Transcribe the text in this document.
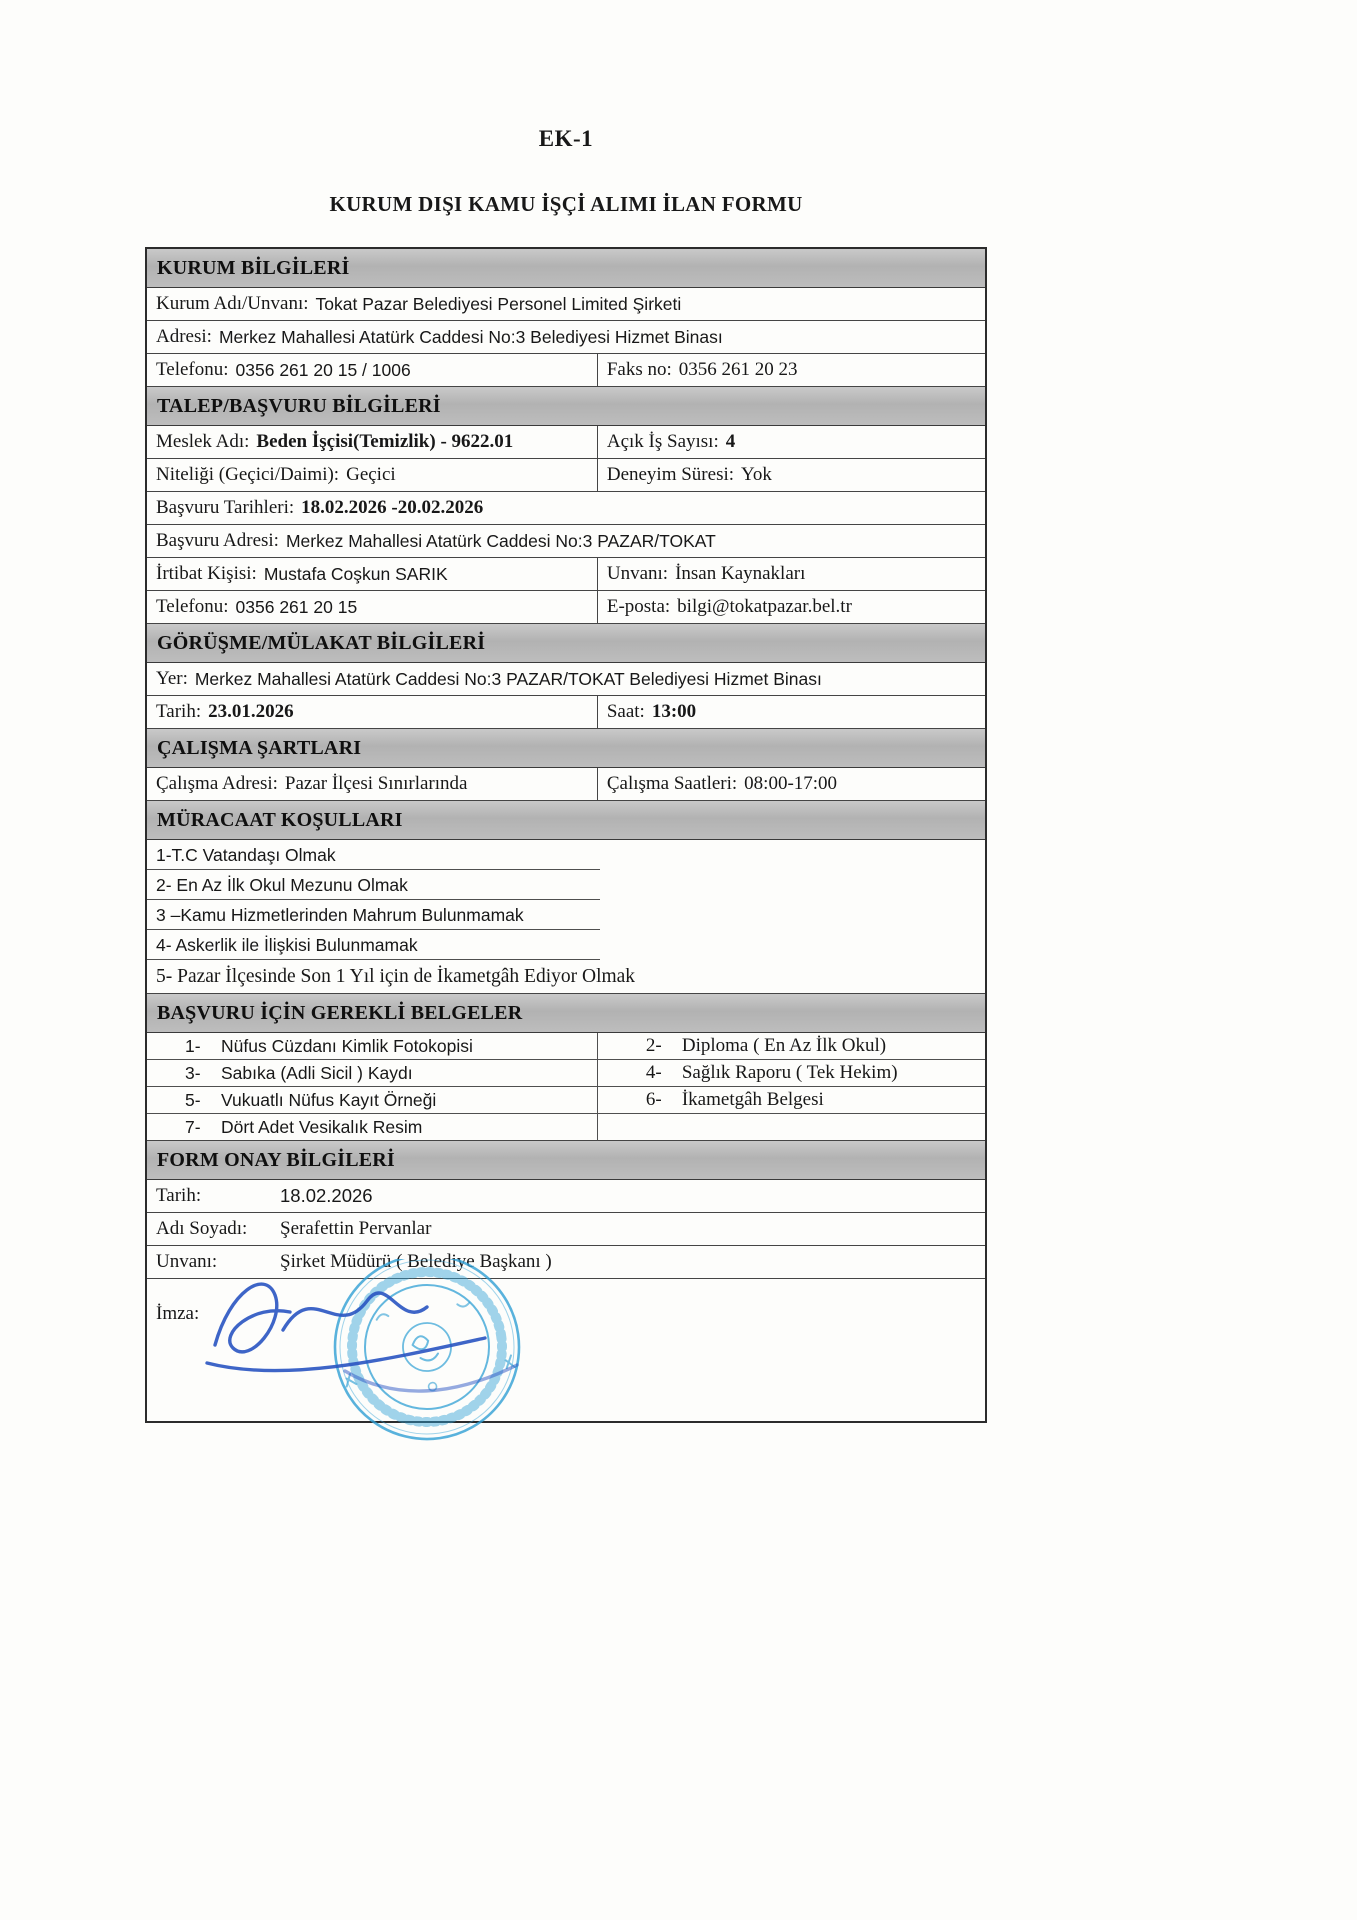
EK-1
KURUM DIŞI KAMU İŞÇİ ALIMI İLAN FORMU
KURUM BİLGİLERİ
Kurum Adı/Unvanı: Tokat Pazar Belediyesi Personel Limited Şirketi
Adresi: Merkez Mahallesi Atatürk Caddesi No:3 Belediyesi Hizmet Binası
Telefonu: 0356 261 20 15 / 1006	Faks no: 0356 261 20 23
TALEP/BAŞVURU BİLGİLERİ
Meslek Adı: Beden İşçisi(Temizlik) - 9622.01	Açık İş Sayısı: 4
Niteliği (Geçici/Daimi): Geçici	Deneyim Süresi: Yok
Başvuru Tarihleri: 18.02.2026 -20.02.2026
Başvuru Adresi: Merkez Mahallesi Atatürk Caddesi No:3 PAZAR/TOKAT
İrtibat Kişisi: Mustafa Coşkun SARIK	Unvanı: İnsan Kaynakları
Telefonu: 0356 261 20 15	E-posta: bilgi@tokatpazar.bel.tr
GÖRÜŞME/MÜLAKAT BİLGİLERİ
Yer: Merkez Mahallesi Atatürk Caddesi No:3 PAZAR/TOKAT Belediyesi Hizmet Binası
Tarih: 23.01.2026	Saat: 13:00
ÇALIŞMA ŞARTLARI
Çalışma Adresi: Pazar İlçesi Sınırlarında	Çalışma Saatleri: 08:00-17:00
MÜRACAAT KOŞULLARI
1-T.C Vatandaşı Olmak
2- En Az İlk Okul Mezunu Olmak
3 –Kamu Hizmetlerinden Mahrum Bulunmamak
4- Askerlik ile İlişkisi Bulunmamak
5- Pazar İlçesinde Son 1 Yıl için de İkametgâh Ediyor Olmak
BAŞVURU İÇİN GEREKLİ BELGELER
1-	Nüfus Cüzdanı Kimlik Fotokopisi	2-	Diploma ( En Az İlk Okul)
3-	Sabıka (Adli Sicil ) Kaydı	4-	Sağlık Raporu ( Tek Hekim)
5-	Vukuatlı Nüfus Kayıt Örneği	6-	İkametgâh Belgesi
7-	Dört Adet Vesikalık Resim
FORM ONAY BİLGİLERİ
Tarih:	18.02.2026
Adı Soyadı:	Şerafettin Pervanlar
Unvanı:	Şirket Müdürü ( Belediye Başkanı )
İmza:
